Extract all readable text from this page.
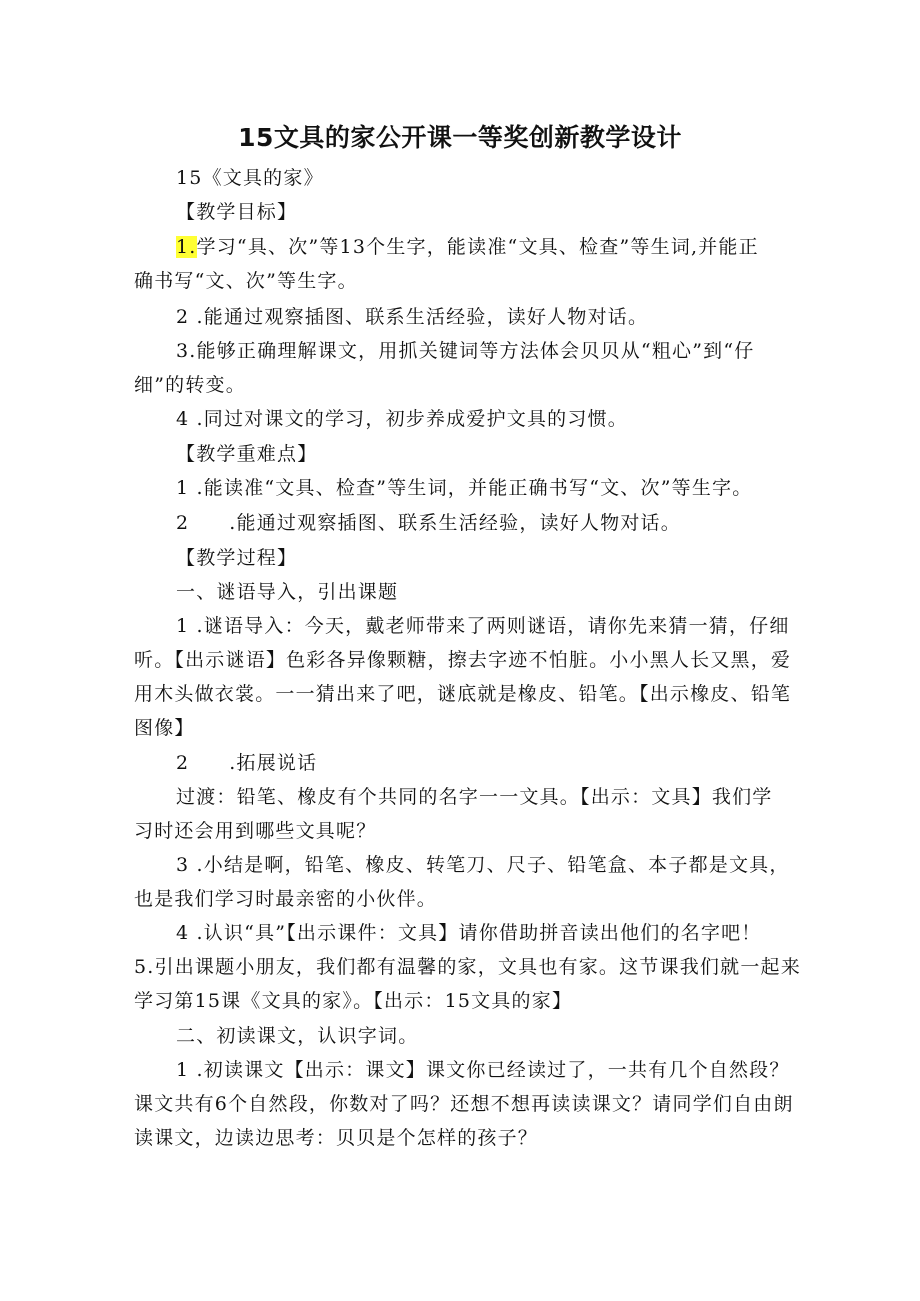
15文具的家公开课一等奖创新教学设计
15《文具的家》
【教学目标】
1.学习“具、次”等13个生字，能读准“文具、检查”等生词,并能正
确书写“文、次”等生字。
2 .能通过观察插图、联系生活经验，读好人物对话。
3.能够正确理解课文，用抓关键词等方法体会贝贝从“粗心”到“仔
细”的转变。
4 .同过对课文的学习，初步养成爱护文具的习惯。
【教学重难点】
1 .能读准“文具、检查”等生词，并能正确书写“文、次”等生字。
2 .能通过观察插图、联系生活经验，读好人物对话。
【教学过程】
一、谜语导入，引出课题
1 .谜语导入：今天，戴老师带来了两则谜语，请你先来猜一猜，仔细
听。【出示谜语】色彩各异像颗糖，擦去字迹不怕脏。小小黑人长又黑，爱
用木头做衣裳。一一猜出来了吧，谜底就是橡皮、铅笔。【出示橡皮、铅笔
图像】
2 .拓展说话
过渡：铅笔、橡皮有个共同的名字一一文具。【出示：文具】我们学
习时还会用到哪些文具呢？
3 .小结是啊，铅笔、橡皮、转笔刀、尺子、铅笔盒、本子都是文具，
也是我们学习时最亲密的小伙伴。
4 .认识“具”【出示课件：文具】请你借助拼音读出他们的名字吧！
5.引出课题小朋友，我们都有温馨的家，文具也有家。这节课我们就一起来
学习第15课《文具的家》。【出示：15文具的家】
二、初读课文，认识字词。
1 .初读课文【出示：课文】课文你已经读过了，一共有几个自然段？
课文共有6个自然段，你数对了吗？还想不想再读读课文？请同学们自由朗
读课文，边读边思考：贝贝是个怎样的孩子？
